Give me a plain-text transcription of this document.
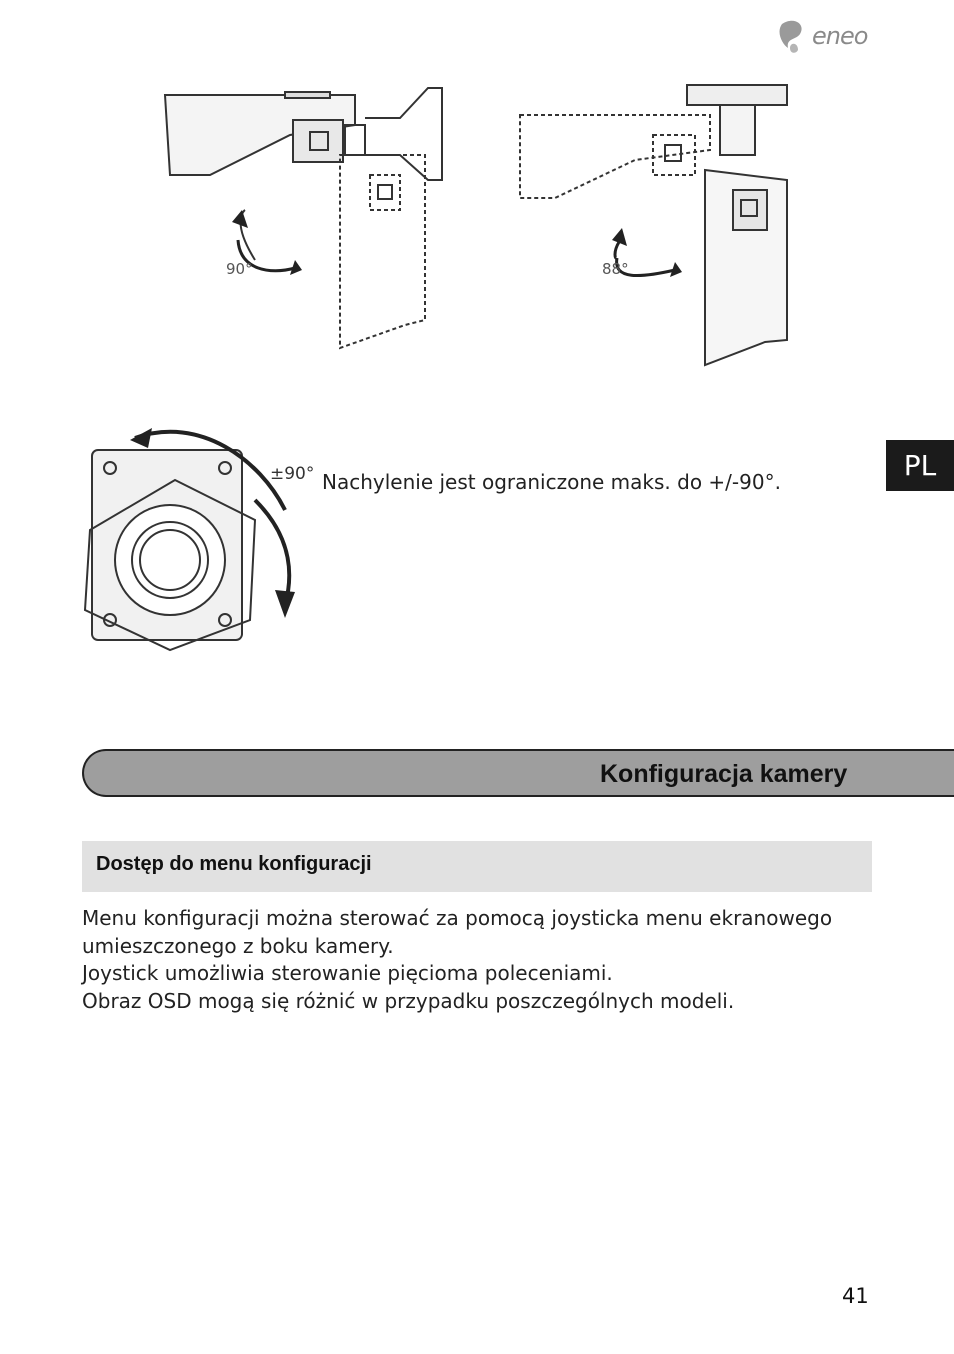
eneo
PL
90°	88°
±90° Nachylenie jest ograniczone maks. do +/-90°.
Konfiguracja kamery
Dostęp do menu konfiguracji

Menu konfiguracji można sterować za pomocą joysticka menu ekranowego umieszczonego z boku kamery.

Joystick umożliwia sterowanie pięcioma poleceniami.

Obraz OSD mogą się różnić w przypadku poszczególnych modeli.

41
